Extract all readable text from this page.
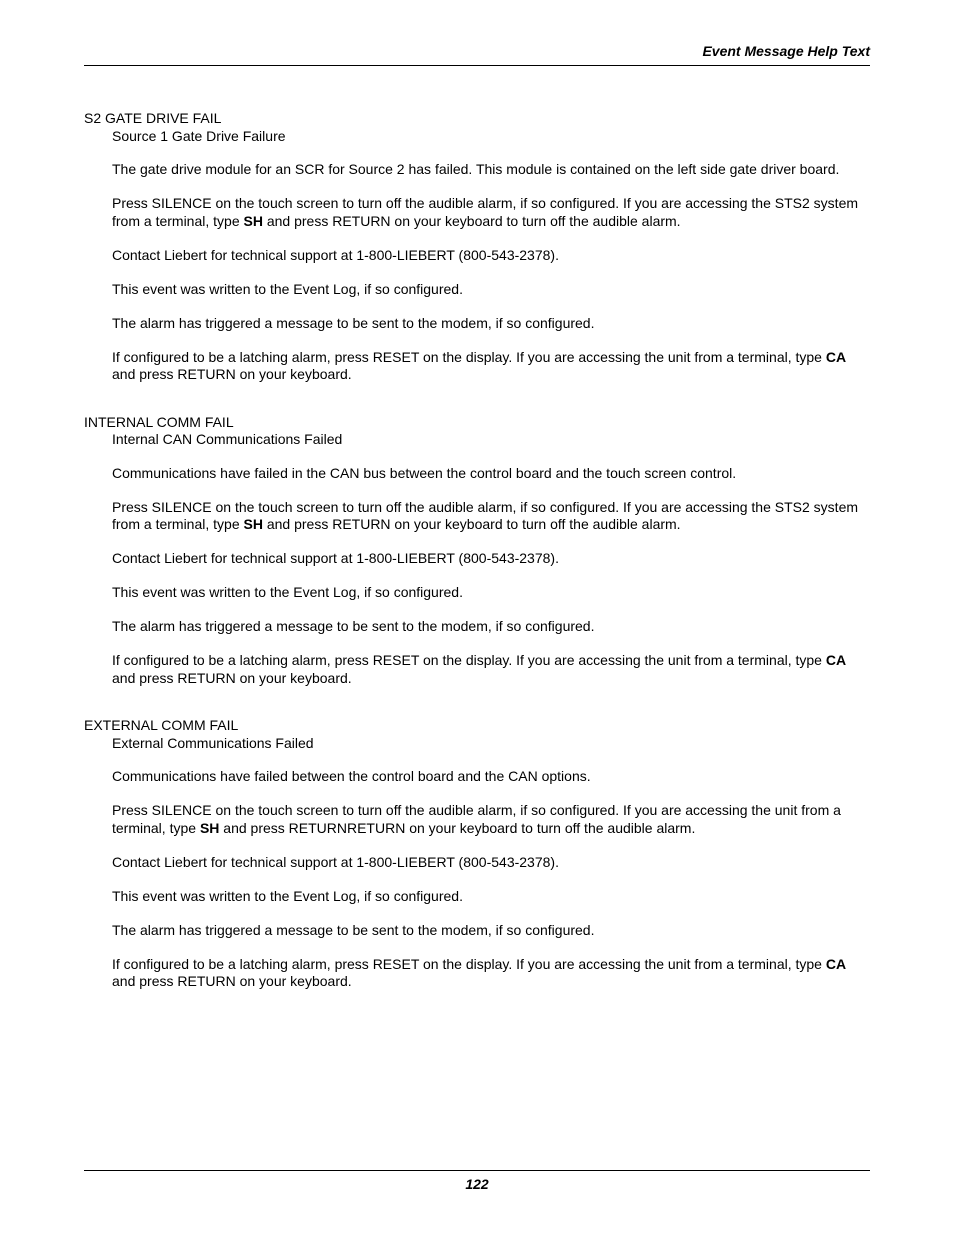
Event Message Help Text

S2 GATE DRIVE FAIL

Source 1 Gate Drive Failure

The gate drive module for an SCR for Source 2 has failed. This module is contained on the left side gate driver board.

Press SILENCE on the touch screen to turn off the audible alarm, if so configured. If you are accessing the STS2 system from a terminal, type SH and press RETURN on your keyboard to turn off the audible alarm.

Contact Liebert for technical support at 1-800-LIEBERT (800-543-2378).

This event was written to the Event Log, if so configured.

The alarm has triggered a message to be sent to the modem, if so configured.

If configured to be a latching alarm, press RESET on the display. If you are accessing the unit from a terminal, type CA and press RETURN on your keyboard.

INTERNAL COMM FAIL

Internal CAN Communications Failed

Communications have failed in the CAN bus between the control board and the touch screen control.

Press SILENCE on the touch screen to turn off the audible alarm, if so configured. If you are accessing the STS2 system from a terminal, type SH and press RETURN on your keyboard to turn off the audible alarm.

Contact Liebert for technical support at 1-800-LIEBERT (800-543-2378).

This event was written to the Event Log, if so configured.

The alarm has triggered a message to be sent to the modem, if so configured.

If configured to be a latching alarm, press RESET on the display. If you are accessing the unit from a terminal, type CA and press RETURN on your keyboard.

EXTERNAL COMM FAIL

External Communications Failed

Communications have failed between the control board and the CAN options.

Press SILENCE on the touch screen to turn off the audible alarm, if so configured. If you are accessing the unit from a terminal, type SH and press RETURNRETURN on your keyboard to turn off the audible alarm.

Contact Liebert for technical support at 1-800-LIEBERT (800-543-2378).

This event was written to the Event Log, if so configured.

The alarm has triggered a message to be sent to the modem, if so configured.

If configured to be a latching alarm, press RESET on the display. If you are accessing the unit from a terminal, type CA and press RETURN on your keyboard.

122
